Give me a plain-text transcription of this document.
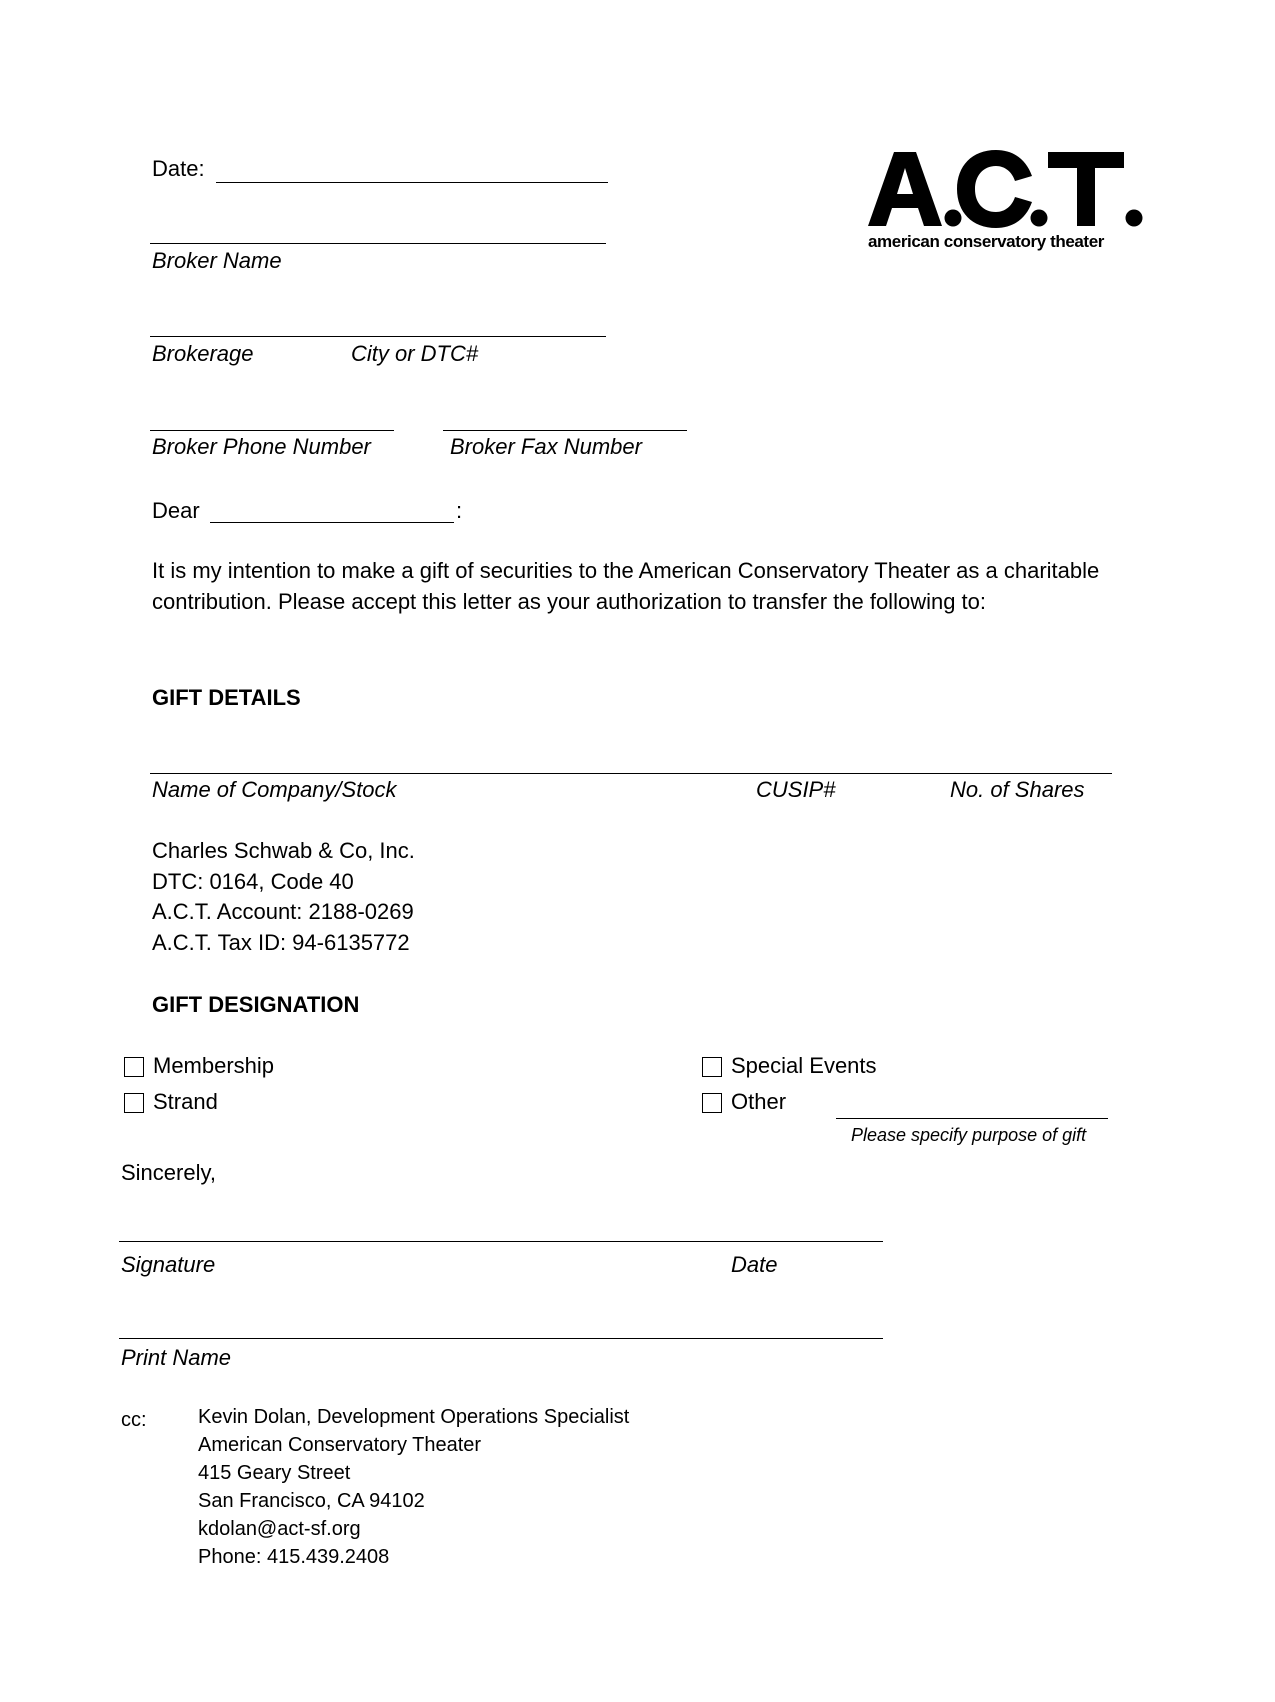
Date:
american conservatory theater
Broker Name
Brokerage	City or DTC#
Broker Phone Number	Broker Fax Number
Dear	:
It is my intention to make a gift of securities to the American Conservatory Theater as a charitable contribution. Please accept this letter as your authorization to transfer the following to:
GIFT DETAILS
Name of Company/Stock	CUSIP#	No. of Shares
Charles Schwab & Co, Inc.
DTC: 0164, Code 40
A.C.T. Account: 2188-0269
A.C.T. Tax ID: 94-6135772
GIFT DESIGNATION
Membership
Strand
Special Events
Other
Please specify purpose of gift
Sincerely,
Signature	Date
Print Name
cc:	Kevin Dolan, Development Operations Specialist
American Conservatory Theater
415 Geary Street
San Francisco, CA 94102
kdolan@act-sf.org
Phone: 415.439.2408
